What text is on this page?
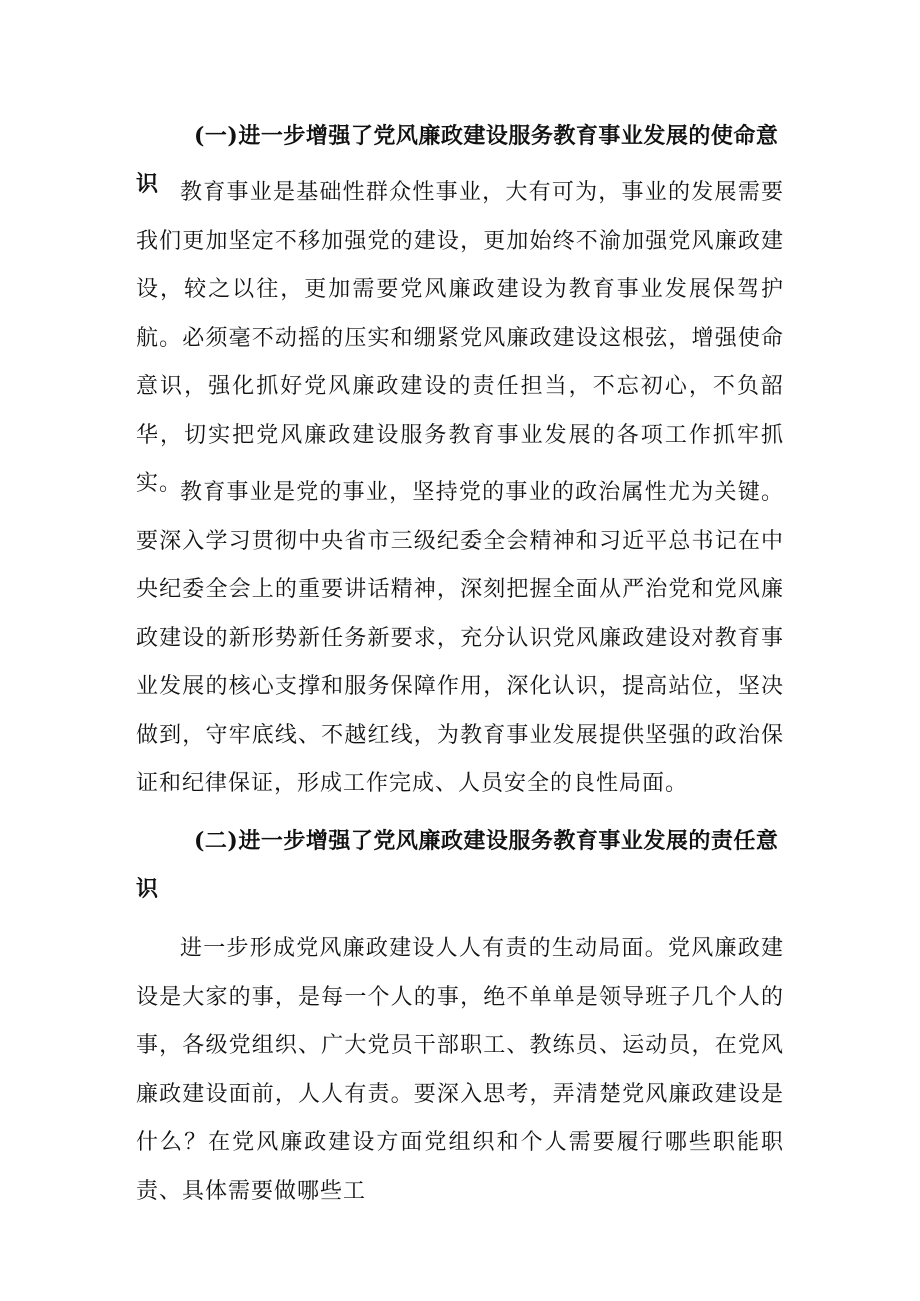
(一)进一步增强了党风廉政建设服务教育事业发展的使命意识 教育事业是基础性群众性事业，大有可为，事业的发展需要我们更加坚定不移加强党的建设，更加始终不渝加强党风廉政建设，较之以往，更加需要党风廉政建设为教育事业发展保驾护航。必须毫不动摇的压实和绷紧党风廉政建设这根弦，增强使命意识，强化抓好党风廉政建设的责任担当，不忘初心，不负韶华，切实把党风廉政建设服务教育事业发展的各项工作抓牢抓实。

教育事业是党的事业，坚持党的事业的政治属性尤为关键。要深入学习贯彻中央省市三级纪委全会精神和习近平总书记在中央纪委全会上的重要讲话精神，深刻把握全面从严治党和党风廉政建设的新形势新任务新要求，充分认识党风廉政建设对教育事业发展的核心支撑和服务保障作用，深化认识，提高站位，坚决做到，守牢底线、不越红线，为教育事业发展提供坚强的政治保证和纪律保证，形成工作完成、人员安全的良性局面。

(二)进一步增强了党风廉政建设服务教育事业发展的责任意识

进一步形成党风廉政建设人人有责的生动局面。党风廉政建设是大家的事，是每一个人的事，绝不单单是领导班子几个人的事，各级党组织、广大党员干部职工、教练员、运动员，在党风廉政建设面前，人人有责。要深入思考，弄清楚党风廉政建设是什么？在党风廉政建设方面党组织和个人需要履行哪些职能职责、具体需要做哪些工
